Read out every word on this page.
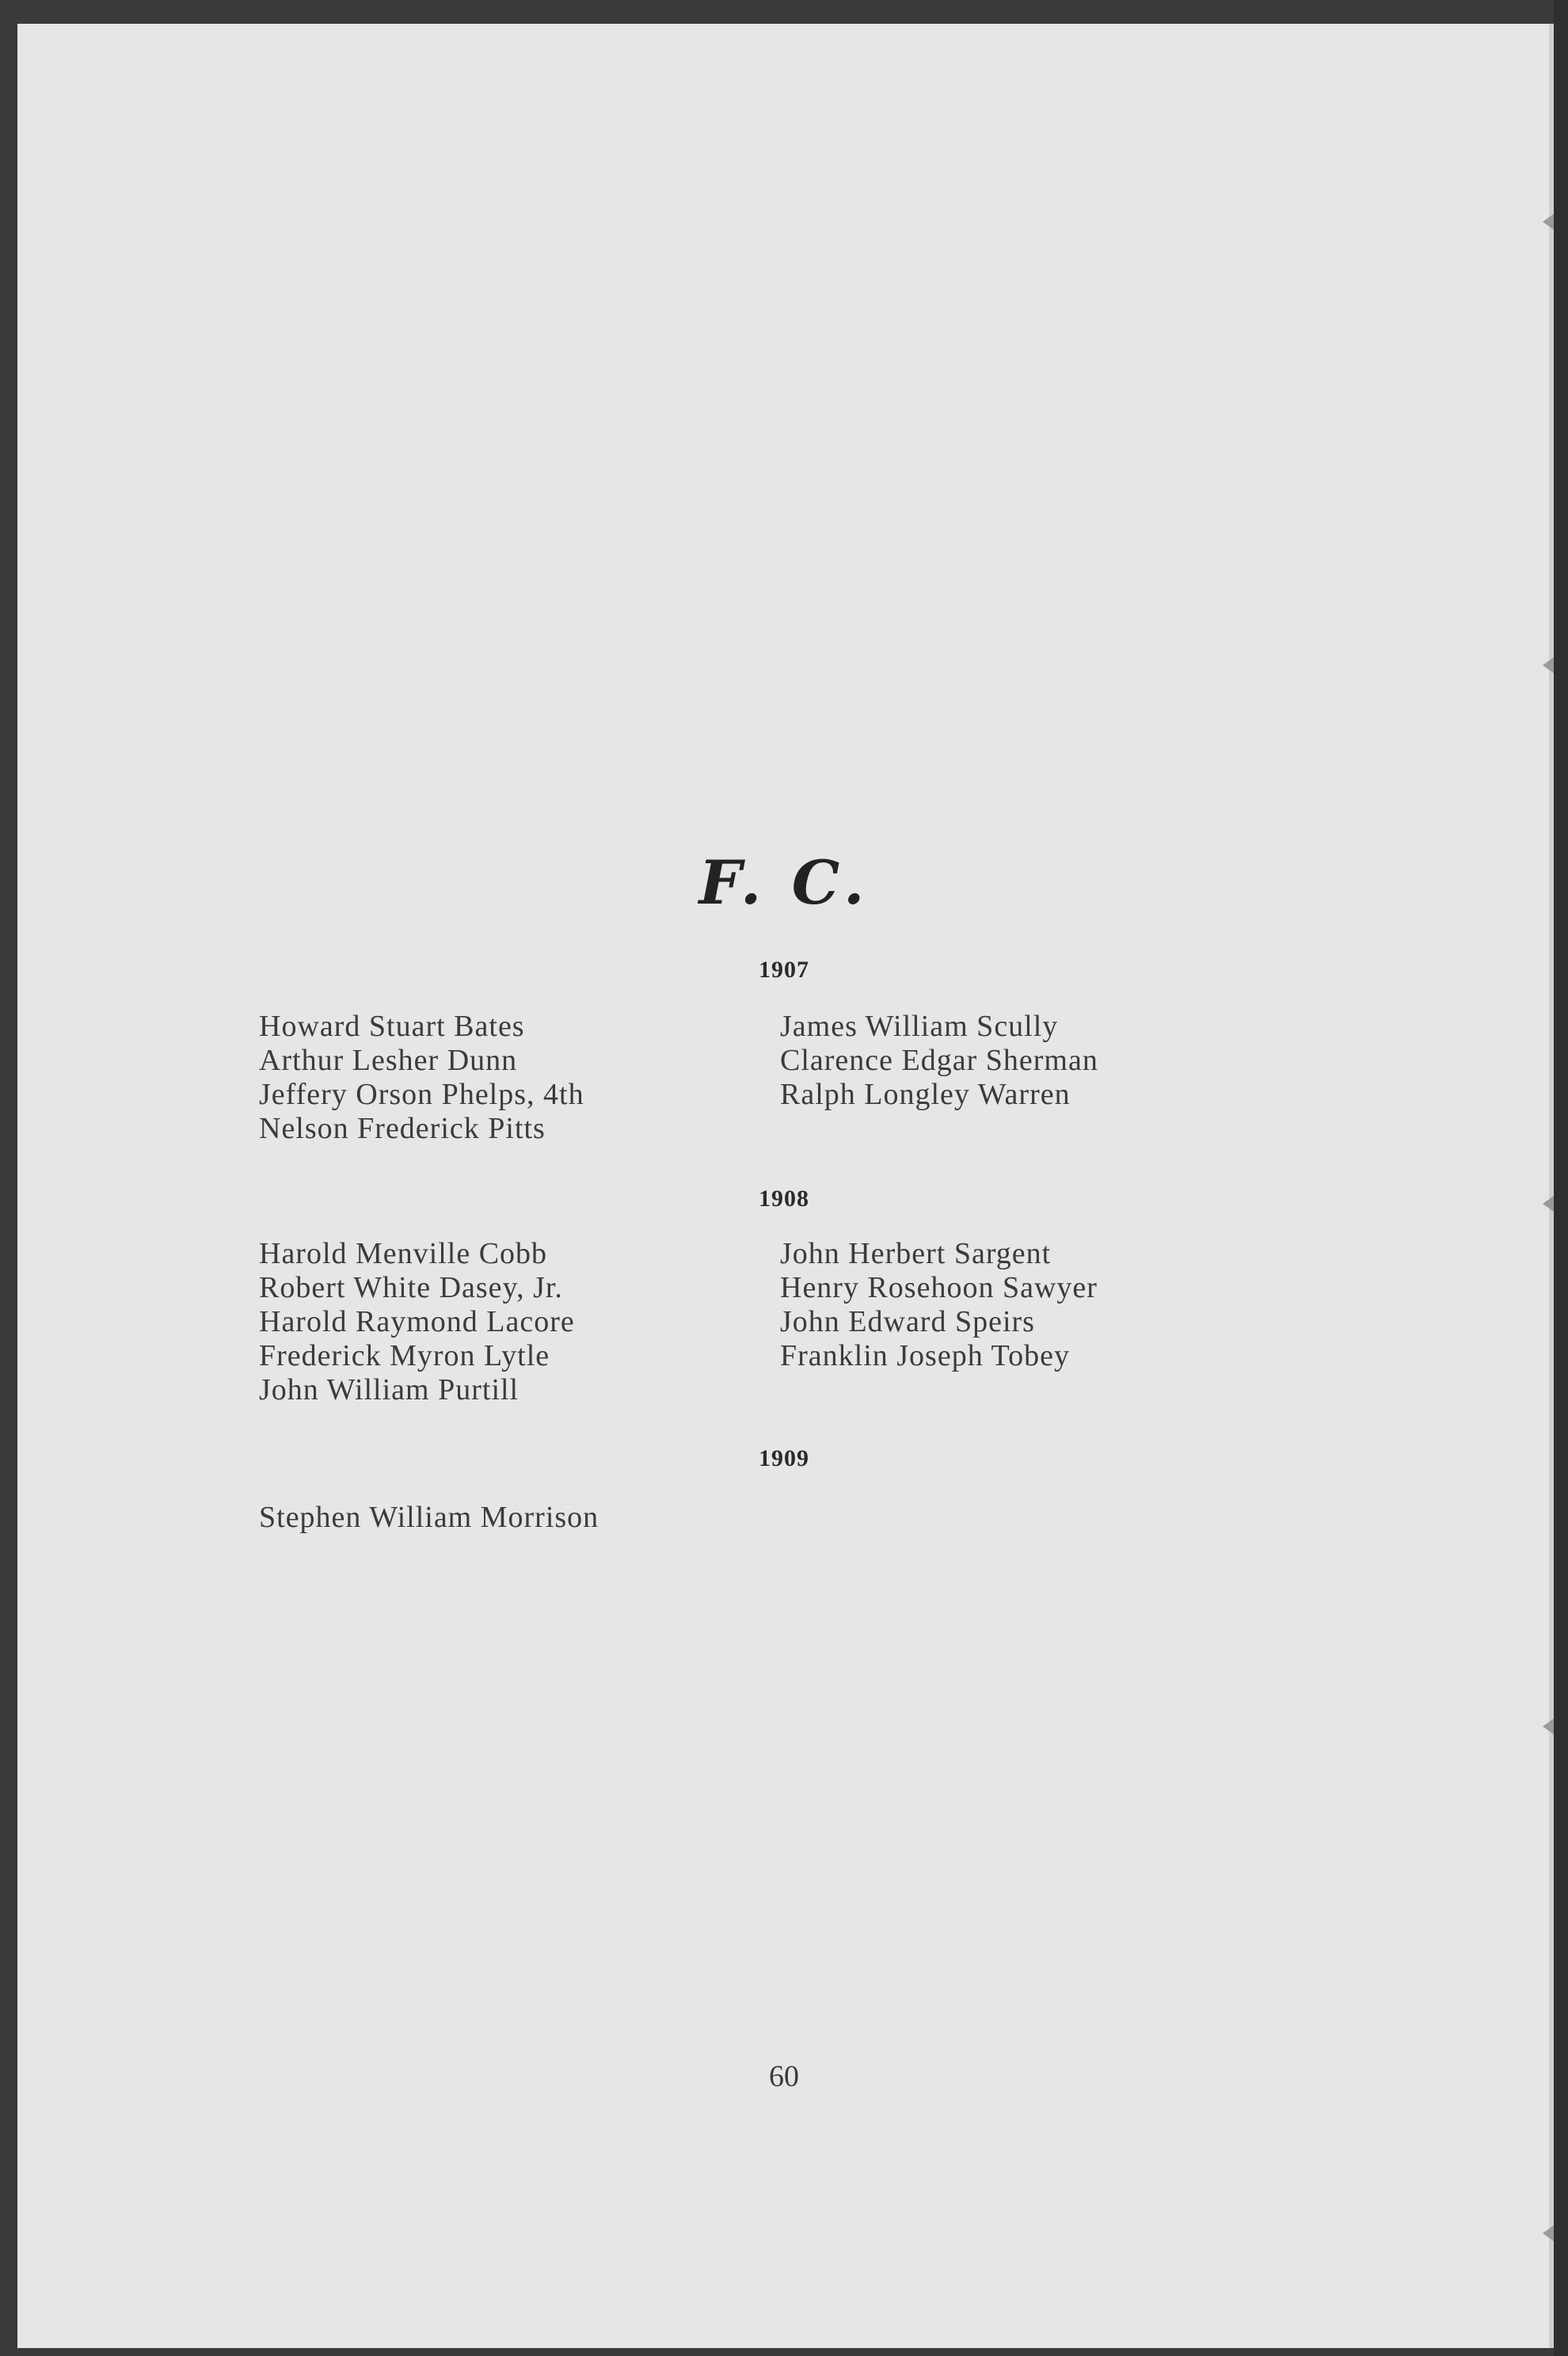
F. C.
1907
Howard Stuart Bates
Arthur Lesher Dunn
Jeffery Orson Phelps, 4th
Nelson Frederick Pitts
James William Scully
Clarence Edgar Sherman
Ralph Longley Warren
1908
Harold Menville Cobb
Robert White Dasey, Jr.
Harold Raymond Lacore
Frederick Myron Lytle
John William Purtill
John Herbert Sargent
Henry Rosehoon Sawyer
John Edward Speirs
Franklin Joseph Tobey
1909
Stephen William Morrison
60
